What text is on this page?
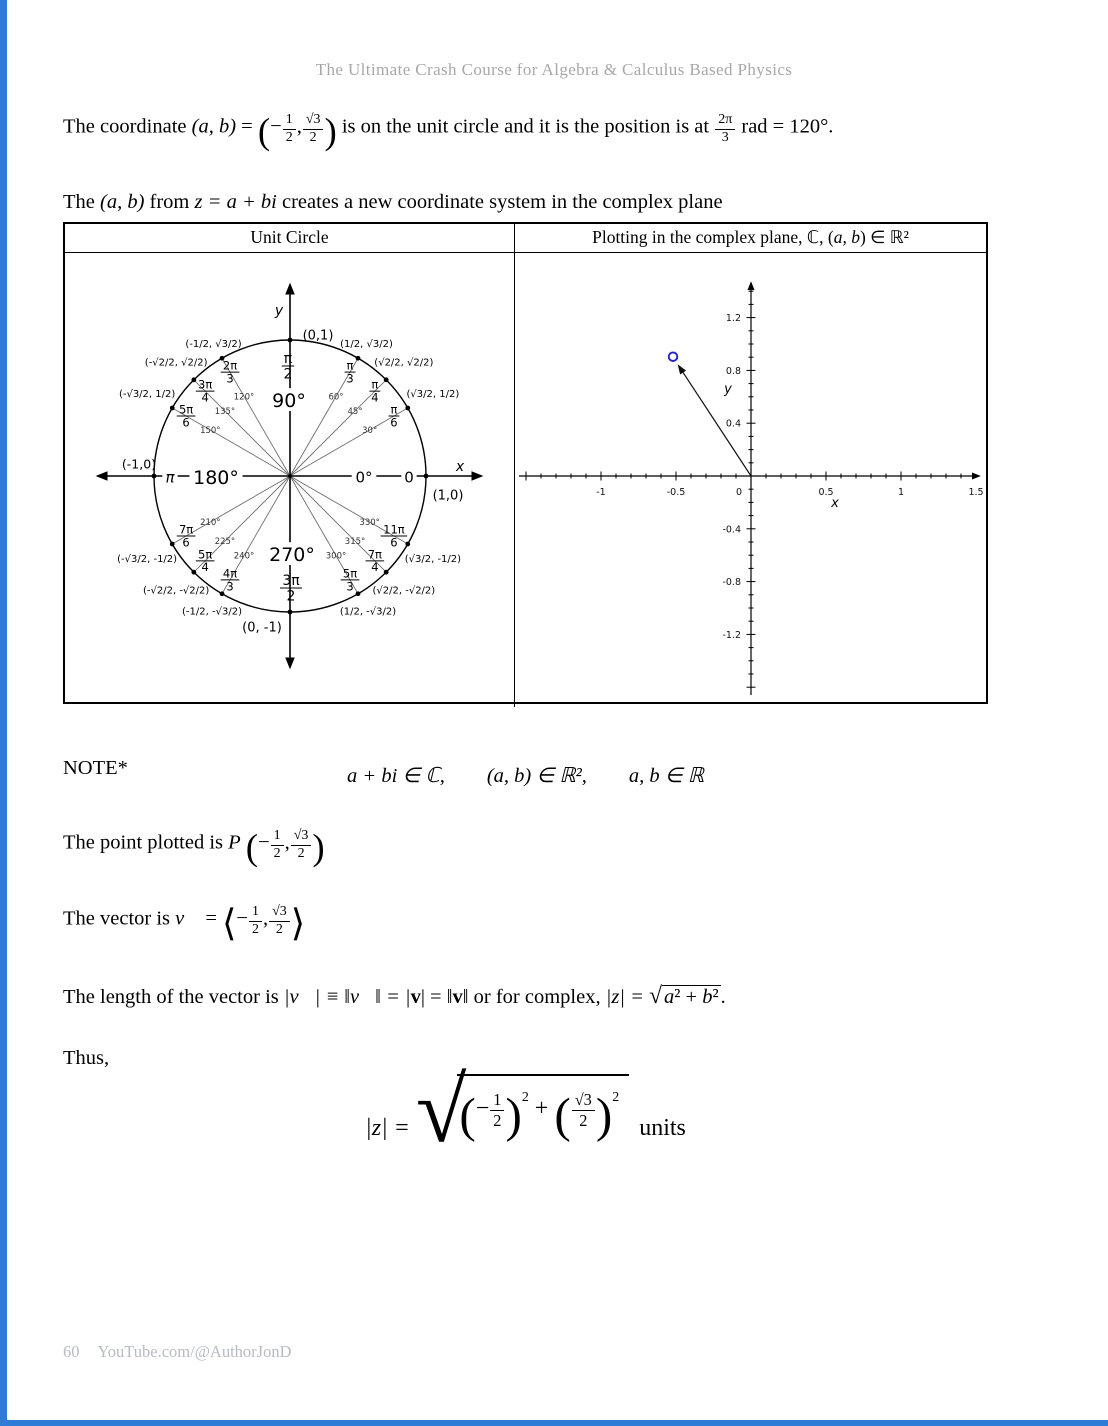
The Ultimate Crash Course for Algebra & Calculus Based Physics

The coordinate (a, b) = (− $\frac{1}{2}$ , $\frac{√3}{2}$ ) is on the unit circle and it is the position is at $\frac{2\pi}{3}$ rad = 120°.

The (a, b) from z = a + bi creates a new coordinate system in the complex plane

Unit Circle	Plotting in the complex plane, ℂ, (a, b) ∈ ℝ²
π
6
π
4
π
3
2π
3
3π
4
5π
6
7π
6
5π
4 4π
3
5π
3
7π
4
11π
6
30°
45°
60°
120°
135°
150°
210°
225°
240°	300°
315°
330°
(√3/2, 1/2)
(√2/2, √2/2)
(1/2, √3/2)
(-1/2, √3/2)
(-√2/2, √2/2)
(-√3/2, 1/2)
(-√3/2, -1/2)
(-√2/2, -√2/2)
(-1/2, -√3/2)	(1/2, -√3/2)
(√2/2, -√2/2)
(√3/2, -1/2)
90°
180°
270°
0° 0
π
x
y
(0,1)
(1,0)
(-1,0)
(0, -1)
π
2
3π
2
-1	-0.5	0	0.5	1	1.5
1.2
0.8
0.4
-0.4
-0.8
-1.2
x
y

NOTE*	a + bi ∈ ℂ, (a, b) ∈ ℝ², a, b ∈ ℝ

The point plotted is P (− $\frac{1}{2}$ , $\frac{√3}{2}$ )

The vector is v⃗ = ⟨− $\frac{1}{2}$ , $\frac{√3}{2}$ ⟩

The length of the vector is |v⃗| ≡ ‖v⃗‖ = |v| = ‖v‖ or for complex, |z| = √a² + b².

Thus,

|z| = √
(− $\frac{1}{2} )^2$ + ( $\frac{√3}{2} )^2$
units
60 YouTube.com/@AuthorJonD
